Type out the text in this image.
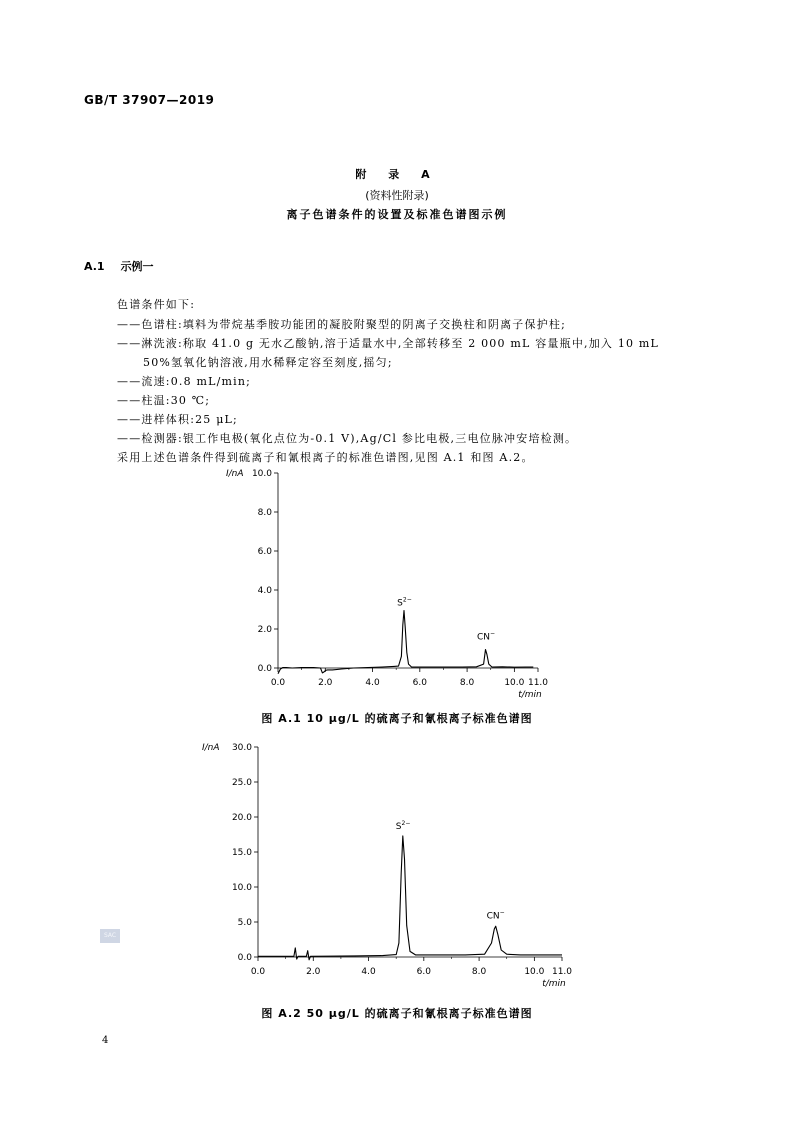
GB/T 37907—2019
附 录 A
(资料性附录)
离子色谱条件的设置及标准色谱图示例
A.1 示例一
色谱条件如下:
——色谱柱:填料为带烷基季胺功能团的凝胶附聚型的阴离子交换柱和阴离子保护柱;
——淋洗液:称取 41.0 g 无水乙酸钠,溶于适量水中,全部转移至 2 000 mL 容量瓶中,加入 10 mL
50%氢氧化钠溶液,用水稀释定容至刻度,摇匀;
——流速:0.8 mL/min;
——柱温:30 ℃;
——进样体积:25 μL;
——检测器:银工作电极(氧化点位为-0.1 V),Ag/Cl 参比电极,三电位脉冲安培检测。
采用上述色谱条件得到硫离子和氰根离子的标准色谱图,见图 A.1 和图 A.2。
0.0
2.0
4.0
6.0
8.0
10.0
0.0	2.0	4.0	6.0	8.0	10.0 11.0
I/nA
t/min
$S^{2-}$
CN−
图 A.1 10 μg/L 的硫离子和氰根离子标准色谱图
0.0
5.0
10.0
15.0
20.0
25.0
30.0
0.0	2.0	4.0	6.0	8.0	10.0 11.0
I/nA
t/min
$S^{2-}$
CN−
图 A.2 50 μg/L 的硫离子和氰根离子标准色谱图
SAC
4
